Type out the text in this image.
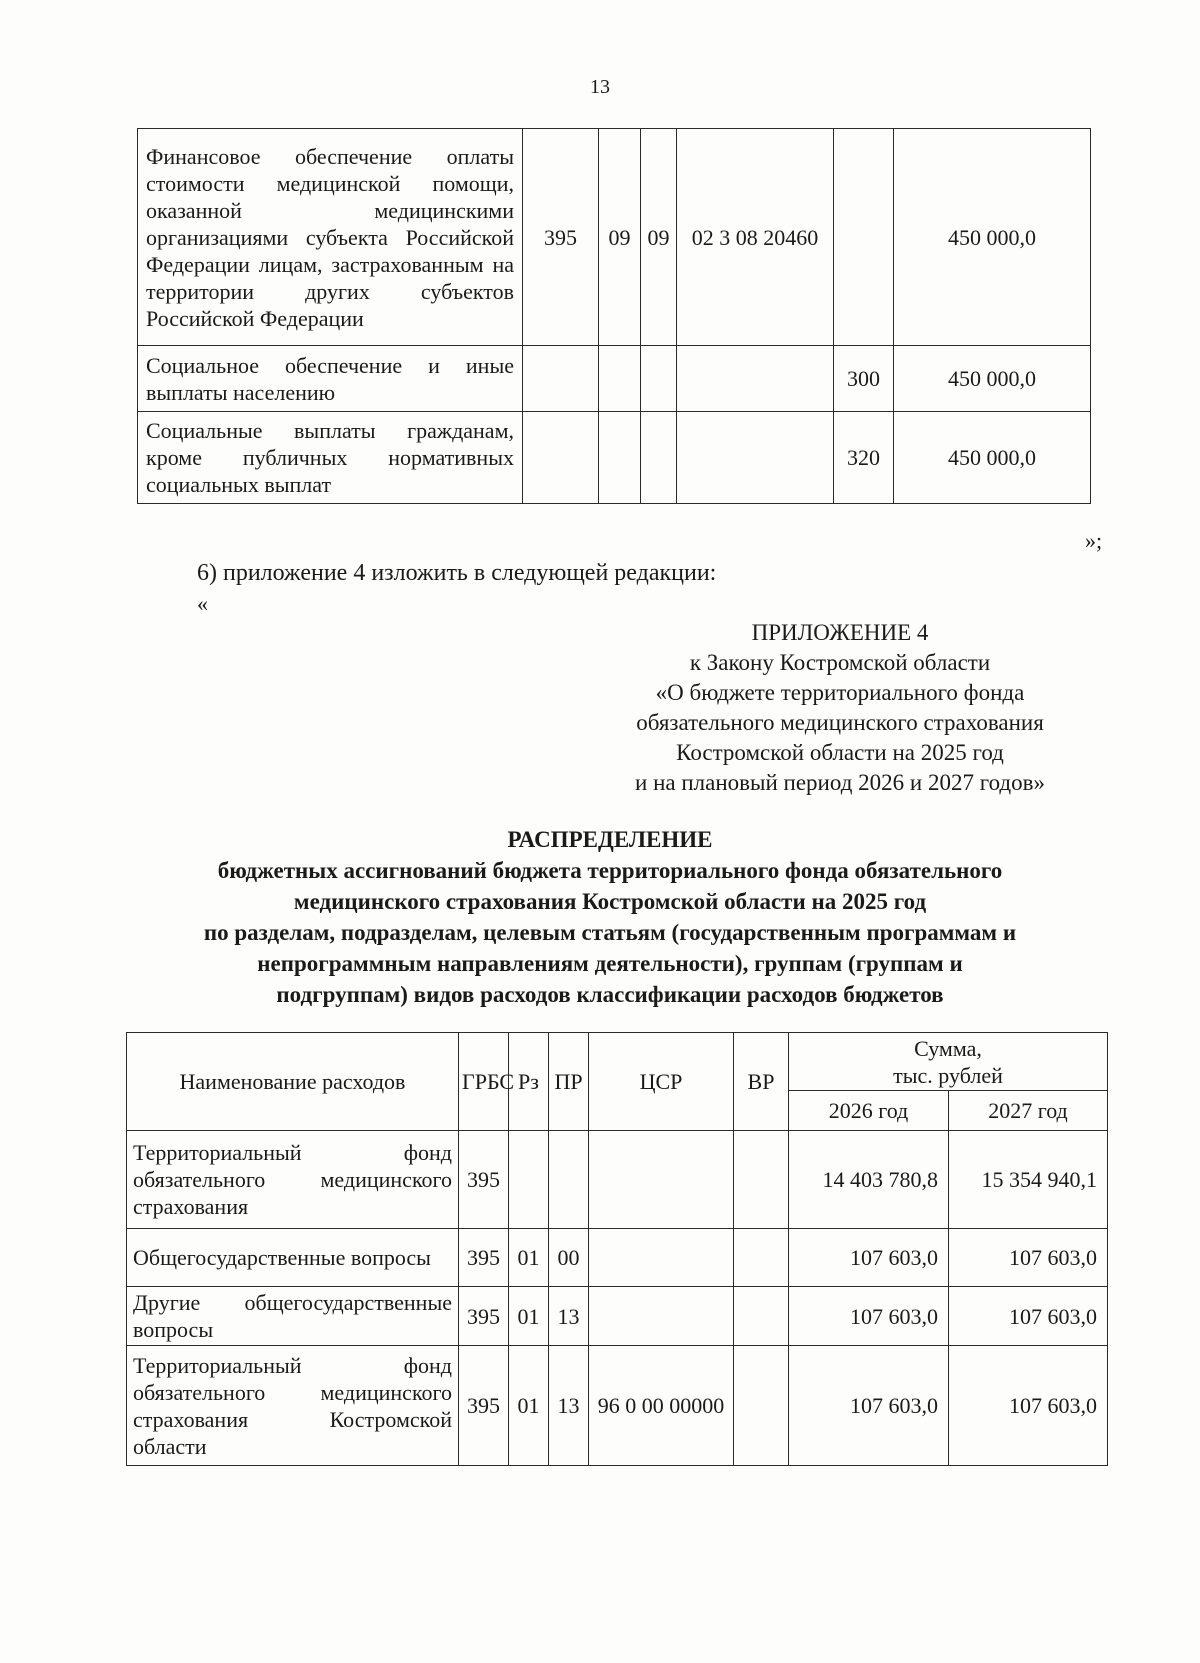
13
Финансовое обеспечение оплаты стоимости медицинской помощи, оказанной медицинскими организациями субъекта Российской Федерации лицам, застрахованным на территории других субъектов Российской Федерации	395	09	09	02 3 08 20460		450 000,0
Социальное обеспечение и иные выплаты населению					300	450 000,0
Социальные выплаты гражданам, кроме публичных нормативных социальных выплат					320	450 000,0
»;
6) приложение 4 изложить в следующей редакции:
«
ПРИЛОЖЕНИЕ 4
к Закону Костромской области
«О бюджете территориального фонда
обязательного медицинского страхования
Костромской области на 2025 год
и на плановый период 2026 и 2027 годов»
РАСПРЕДЕЛЕНИЕ
бюджетных ассигнований бюджета территориального фонда обязательного
медицинского страхования Костромской области на 2025 год
по разделам, подразделам, целевым статьям (государственным программам и
непрограммным направлениям деятельности), группам (группам и
подгруппам) видов расходов классификации расходов бюджетов
Наименование расходов	ГРБС	Рз	ПР	ЦСР	ВР	Сумма,
тыс. рублей	

						2026 год	2027 год
Территориальный фонд обязательного медицинского страхования	395					14 403 780,8	15 354 940,1
Общегосударственные вопросы	395	01	00			107 603,0	107 603,0
Другие общегосударственные вопросы	395	01	13			107 603,0	107 603,0
Территориальный фонд обязательного медицинского страхования Костромской области	395	01	13	96 0 00 00000		107 603,0	107 603,0
